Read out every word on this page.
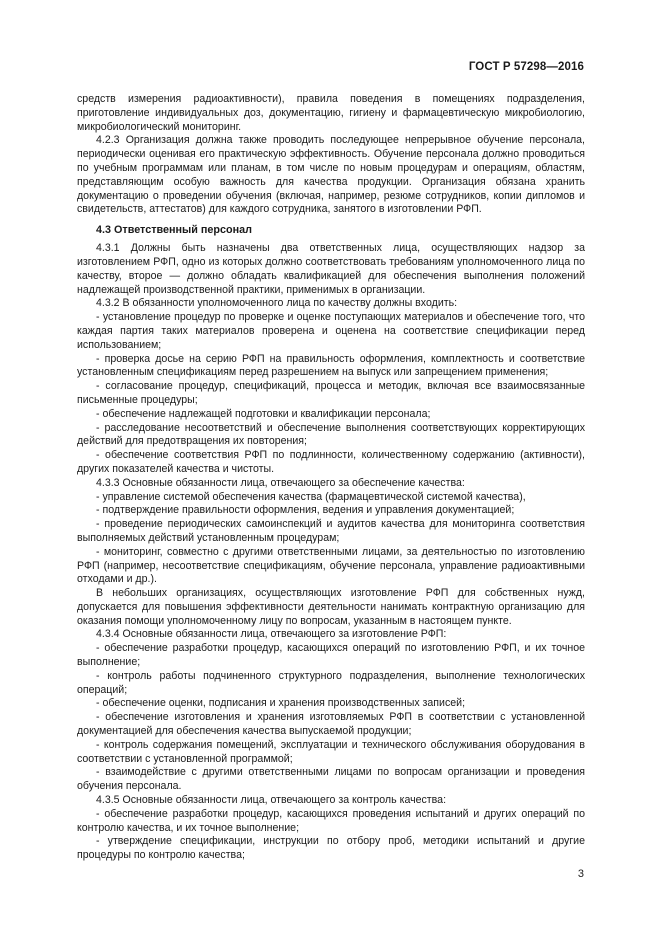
ГОСТ Р 57298—2016

средств измерения радиоактивности), правила поведения в помещениях подразделения, приготовление индивидуальных доз, документацию, гигиену и фармацевтическую микробиологию, микробиологический мониторинг.

4.2.3 Организация должна также проводить последующее непрерывное обучение персонала, периодически оценивая его практическую эффективность. Обучение персонала должно проводиться по учебным программам или планам, в том числе по новым процедурам и операциям, областям, представляющим особую важность для качества продукции. Организация обязана хранить документацию о проведении обучения (включая, например, резюме сотрудников, копии дипломов и свидетельств, аттестатов) для каждого сотрудника, занятого в изготовлении РФП.

4.3 Ответственный персонал

4.3.1 Должны быть назначены два ответственных лица, осуществляющих надзор за изготовлением РФП, одно из которых должно соответствовать требованиям уполномоченного лица по качеству, второе — должно обладать квалификацией для обеспечения выполнения положений надлежащей производственной практики, применимых в организации.

4.3.2 В обязанности уполномоченного лица по качеству должны входить:

- установление процедур по проверке и оценке поступающих материалов и обеспечение того, что каждая партия таких материалов проверена и оценена на соответствие спецификации перед использованием;

- проверка досье на серию РФП на правильность оформления, комплектность и соответствие установленным спецификациям перед разрешением на выпуск или запрещением применения;

- согласование процедур, спецификаций, процесса и методик, включая все взаимосвязанные письменные процедуры;

- обеспечение надлежащей подготовки и квалификации персонала;

- расследование несоответствий и обеспечение выполнения соответствующих корректирующих действий для предотвращения их повторения;

- обеспечение соответствия РФП по подлинности, количественному содержанию (активности), других показателей качества и чистоты.

4.3.3 Основные обязанности лица, отвечающего за обеспечение качества:

- управление системой обеспечения качества (фармацевтической системой качества),

- подтверждение правильности оформления, ведения и управления документацией;

- проведение периодических самоинспекций и аудитов качества для мониторинга соответствия выполняемых действий установленным процедурам;

- мониторинг, совместно с другими ответственными лицами, за деятельностью по изготовлению РФП (например, несоответствие спецификациям, обучение персонала, управление радиоактивными отходами и др.).

В небольших организациях, осуществляющих изготовление РФП для собственных нужд, допускается для повышения эффективности деятельности нанимать контрактную организацию для оказания помощи уполномоченному лицу по вопросам, указанным в настоящем пункте.

4.3.4 Основные обязанности лица, отвечающего за изготовление РФП:

- обеспечение разработки процедур, касающихся операций по изготовлению РФП, и их точное выполнение;

- контроль работы подчиненного структурного подразделения, выполнение технологических операций;

- обеспечение оценки, подписания и хранения производственных записей;

- обеспечение изготовления и хранения изготовляемых РФП в соответствии с установленной документацией для обеспечения качества выпускаемой продукции;

- контроль содержания помещений, эксплуатации и технического обслуживания оборудования в соответствии с установленной программой;

- взаимодействие с другими ответственными лицами по вопросам организации и проведения обучения персонала.

4.3.5 Основные обязанности лица, отвечающего за контроль качества:

- обеспечение разработки процедур, касающихся проведения испытаний и других операций по контролю качества, и их точное выполнение;

- утверждение спецификации, инструкции по отбору проб, методики испытаний и другие процедуры по контролю качества;

3
